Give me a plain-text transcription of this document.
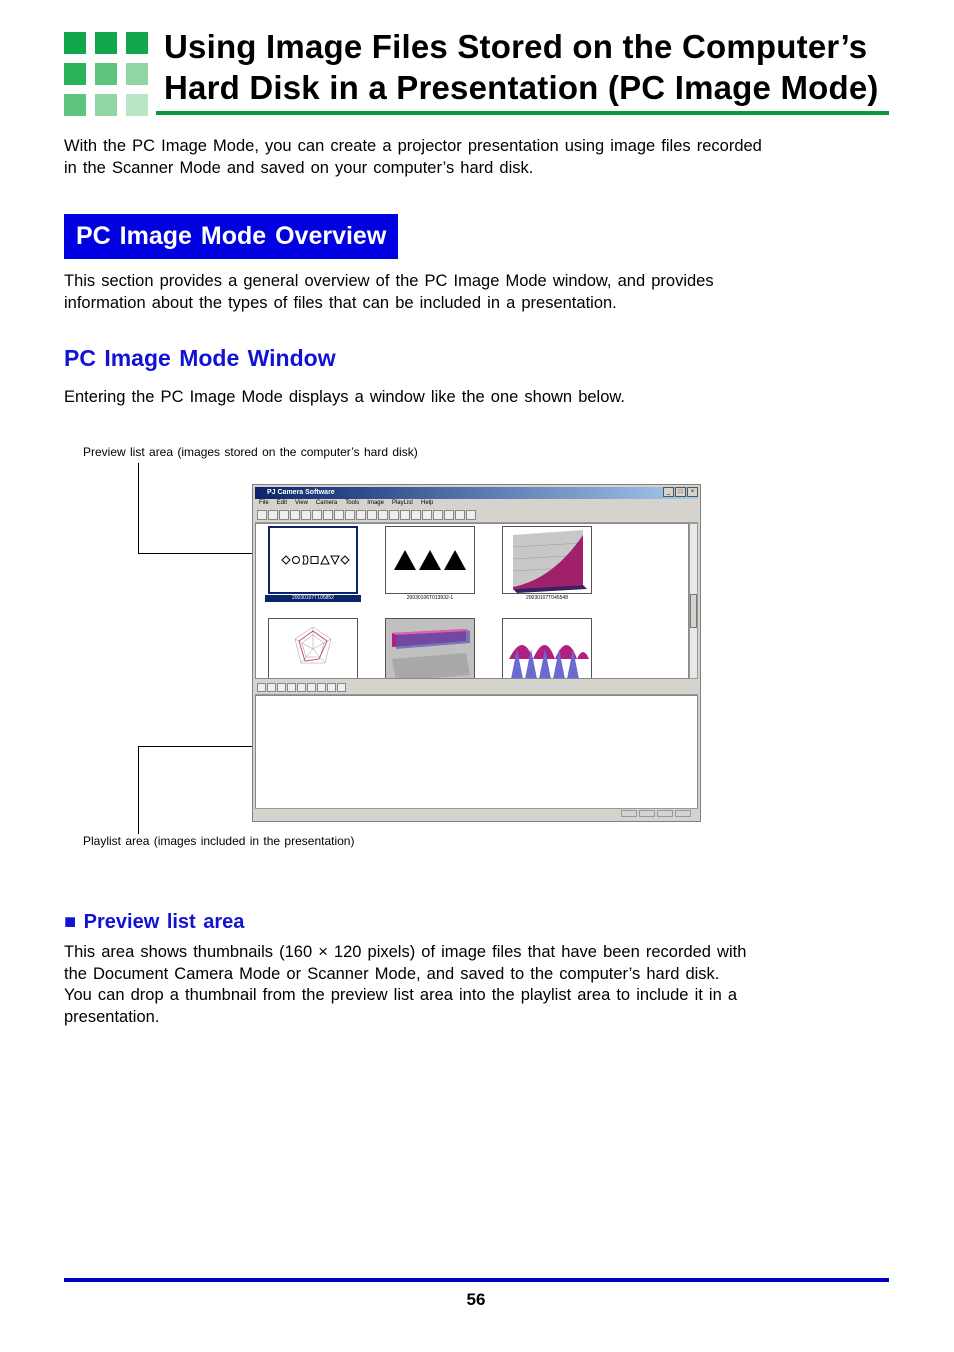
Using Image Files Stored on the Computer’s
Hard Disk in a Presentation (PC Image Mode)
With the PC Image Mode, you can create a projector presentation using image files recorded
in the Scanner Mode and saved on your computer’s hard disk.
PC Image Mode Overview
This section provides a general overview of the PC Image Mode window, and provides
information about the types of files that can be included in a presentation.
PC Image Mode Window
Entering the PC Image Mode displays a window like the one shown below.
Preview list area (images stored on the computer’s hard disk)
Playlist area (images included in the presentation)
PJ Camera Software	_	□	×
File Edit View Camera Tools Image PlayList Help
20030107T105852	20030106T013932-1	20030107T045548
■ Preview list area
This area shows thumbnails (160 × 120 pixels) of image files that have been recorded with
the Document Camera Mode or Scanner Mode, and saved to the computer’s hard disk.
You can drop a thumbnail from the preview list area into the playlist area to include it in a
presentation.
56
